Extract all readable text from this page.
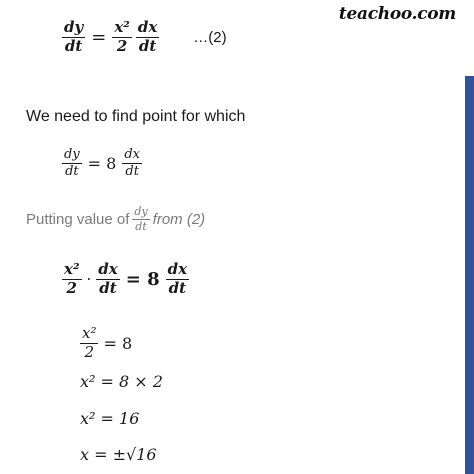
teachoo.com
$\frac{dy}{dt} = \frac{\text{x²}}{2} \frac{dx}{dt}$ …(2)
We need to find point for which
$\frac{dy}{dt} = 8 \frac{dx}{dt}$
Putting value of $\frac{dy}{dt}$ from (2)
$\frac{\text{x²}}{2} \cdot \frac{dx}{dt} = 8 \frac{dx}{dt}$
$\frac{\text{x²}}{2} = 8$
x² = 8 × 2
x² = 16
x = ±√16
